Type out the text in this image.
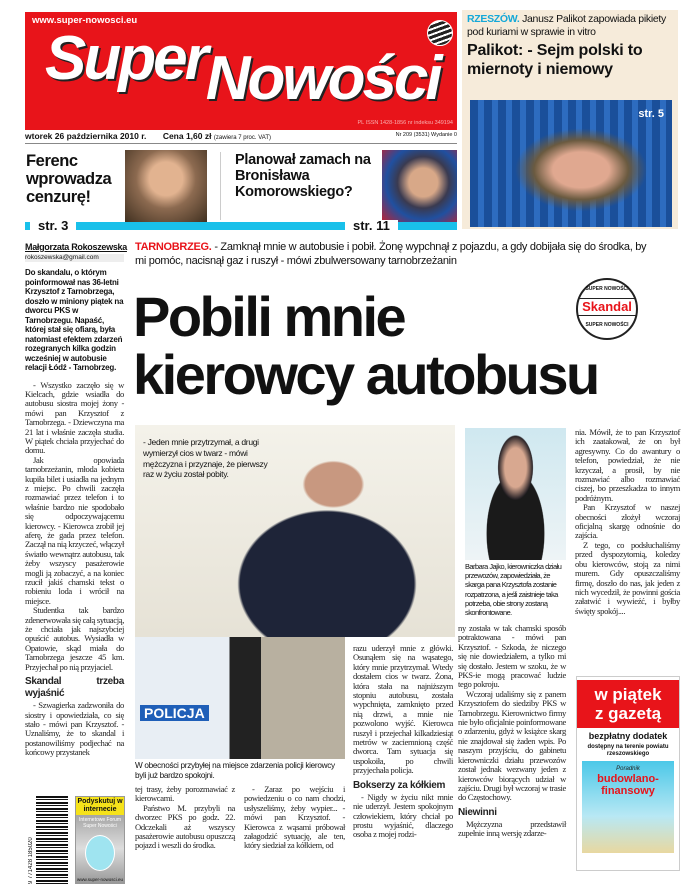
www.super-nowosci.eu
SuperNowości
PL ISSN 1428-1856 nr indeksu 349194
wtorek 26 października 2010 r. Cena 1,60 zł (zawiera 7 proc. VAT)	Nr 209 (3531) Wydanie 0
Ferenc wprowadza cenzurę!
Planował zamach na Bronisława Komorowskiego?
str. 3	str. 11
RZESZÓW. Janusz Palikot zapowiada pikiety pod kuriami w sprawie in vitro
Palikot: - Sejm polski to miernoty i niemowy
str. 5
Małgorzata Rokoszewska
rokoszewska@gmail.com
Do skandalu, o którym poinformował nas 36-letni Krzysztof z Tarnobrzega, doszło w miniony piątek na dworcu PKS w Tarnobrzegu. Napaść, której stał się ofiarą, była natomiast efektem zdarzeń rozegranych kilka godzin wcześniej w autobusie relacji Łódź - Tarnobrzeg.

- Wszystko zaczęło się w Kielcach, gdzie wsiadła do autobusu siostra mojej żony - mówi pan Krzysztof z Tarnobrzega. - Dziewczyna ma 21 lat i właśnie zaczęła studia. W piątek chciała przyjechać do domu.

Jak opowiada tarnobrzeżanin, młoda kobieta kupiła bilet i usiadła na jednym z miejsc. Po chwili zaczęła rozmawiać przez telefon i to właśnie bardzo nie spodobało się odpoczywającemu kierowcy. - Kierowca zrobił jej aferę, że gada przez telefon. Zaczął na nią krzyczeć, włączył światło wewnątrz autobusu, tak żeby wszyscy pasażerowie mogli ją zobaczyć, a na koniec rzucił jakiś chamski tekst o robieniu loda i wrócił na miejsce.

Studentka tak bardzo zdenerwowała się całą sytuacją, że chciała jak najszybciej opuścić autobus. Wysiadła w Opatowie, skąd miała do Tarnobrzega jeszcze 45 km. Przyjechał po nią przyjaciel.

Skandal trzeba wyjaśnić

- Szwagierka zadzwoniła do siostry i opowiedziała, co się stało - mówi pan Krzysztof. - Uznaliśmy, że to skandal i postanowiliśmy podjechać na końcowy przystanek

9 771428 185020
Podyskutuj w internecie
Internetowe Forum Super Nowości
www.super-nowosci.eu
TARNOBRZEG. - Zamknął mnie w autobusie i pobił. Żonę wypchnął z pojazdu, a gdy dobijała się do środka, by mi pomóc, nacisnął gaz i ruszył - mówi zbulwersowany tarnobrzeżanin
Pobili mnie
kierowcy autobusu
SUPER NOWOŚCI
Skandal
SUPER NOWOŚCI
- Jeden mnie przytrzymał, a drugi wymierzył cios w twarz - mówi mężczyzna i przyznaje, że pierwszy raz w życiu został pobity.
POLICJA
W obecności przybyłej na miejsce zdarzenia policji kierowcy byli już bardzo spokojni.

tej trasy, żeby porozmawiać z kierowcami.

Państwo M. przybyli na dworzec PKS po godz. 22. Odczekali aż wszyscy pasażerowie autobusu opuszczą pojazd i weszli do środka.

- Zaraz po wejściu i powiedzeniu o co nam chodzi, usłyszeliśmy, żeby wypier... - mówi pan Krzysztof. - Kierowca z wąsami próbował załagodzić sytuację, ale ten, który siedział za kółkiem, od

razu uderzył mnie z główki. Osunąłem się na wąsatego, który mnie przytrzymał. Wtedy dostałem cios w twarz. Żona, która stała na najniższym stopniu autobusu, została wypchnięta, zamknięto przed nią drzwi, a mnie nie pozwolono wyjść. Kierowca ruszył i przejechał kilkadziesiąt metrów w zaciemnioną część dworca. Tam sytuacja się uspokoiła, po chwili przyjechała policja.

Bokserzy za kółkiem

- Nigdy w życiu nikt mnie nie uderzył. Jestem spokojnym człowiekiem, który chciał po prostu wyjaśnić, dlaczego osoba z mojej rodzi-

Barbara Jajko, kierowniczka działu przewozów, zapowiedziała, że skarga pana Krzysztofa zostanie rozpatrzona, a jeśli zaistnieje taka potrzeba, obie strony zostaną skonfrontowane.

nia. Mówił, że to pan Krzysztof ich zaatakował, że on był agresywny. Co do awantury o telefon, powiedział, że nie krzyczał, a prosił, by nie rozmawiać albo rozmawiać ciszej, bo przeszkadza to innym podróżnym.

Pan Krzysztof w naszej obecności złożył wczoraj oficjalną skargę odnośnie do zajścia.

Z tego, co podsłuchaliśmy przed dyspozytornią, koledzy obu kierowców, stoją za nimi murem. Gdy opuszczaliśmy firmę, doszło do nas, jak jeden z nich wycedził, że powinni gościa załatwić i wywieźć, i byłby święty spokój....

ny została w tak chamski sposób potraktowana - mówi pan Krzysztof. - Szkoda, że niczego się nie dowiedziałem, a tylko mi się dostało. Jestem w szoku, że w PKS-ie mogą pracować ludzie tego pokroju.

Wczoraj udaliśmy się z panem Krzysztofem do siedziby PKS w Tarnobrzegu. Kierownictwo firmy nie było oficjalnie poinformowane o zdarzeniu, gdyż w książce skarg nie znajdował się żaden wpis. Po naszym przyjściu, do gabinetu kierowniczki działu przewozów został jednak wezwany jeden z kierowców biorących udział w zajściu. Drugi był wczoraj w trasie do Częstochowy.

Niewinni

Mężczyzna przedstawił zupełnie inną wersję zdarze-

w piątek
z gazetą
bezpłatny dodatek
dostępny na terenie powiatu rzeszowskiego
Poradnik
budowlano-finansowy
